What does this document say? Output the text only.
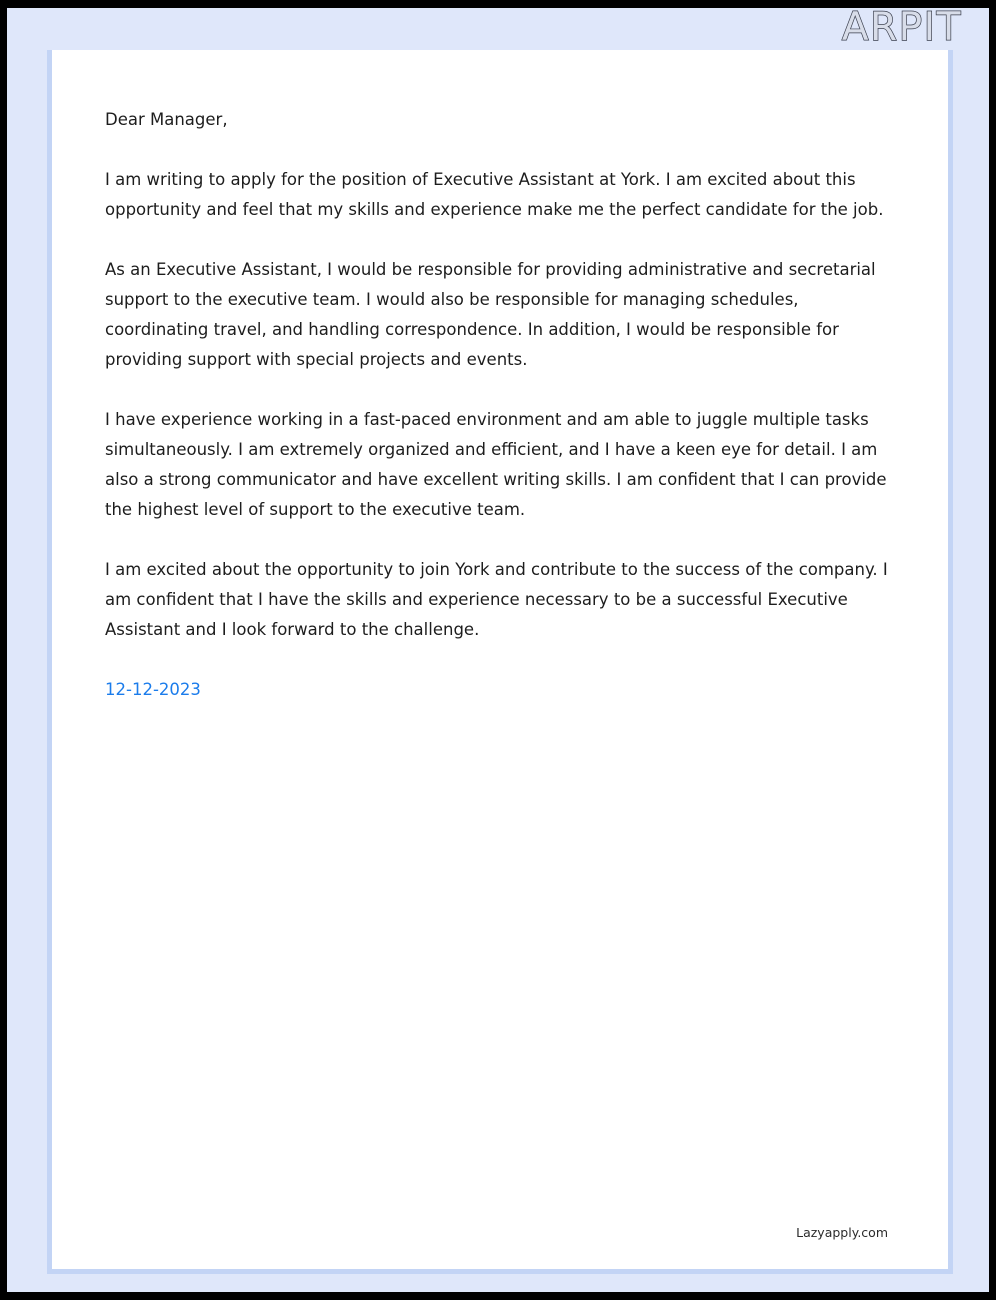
ARPIT

Dear Manager,

I am writing to apply for the position of Executive Assistant at York. I am excited about this opportunity and feel that my skills and experience make me the perfect candidate for the job.

As an Executive Assistant, I would be responsible for providing administrative and secretarial support to the executive team. I would also be responsible for managing schedules, coordinating travel, and handling correspondence. In addition, I would be responsible for providing support with special projects and events.

I have experience working in a fast-paced environment and am able to juggle multiple tasks simultaneously. I am extremely organized and efficient, and I have a keen eye for detail. I am also a strong communicator and have excellent writing skills. I am confident that I can provide the highest level of support to the executive team.

I am excited about the opportunity to join York and contribute to the success of the company. I am confident that I have the skills and experience necessary to be a successful Executive Assistant and I look forward to the challenge.

12-12-2023

Lazyapply.com
